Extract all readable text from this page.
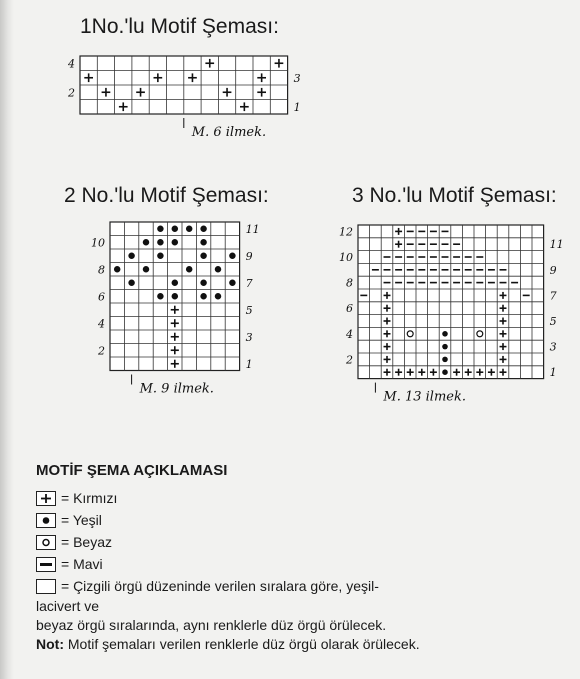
1No.'lu Motif Şeması:
2 No.'lu Motif Şeması:	3 No.'lu Motif Şeması:
4
2
3
1
M. 6 ilmek.
10
8
6
4
2
11
9
7
5
3
1
M. 9 ilmek.
12
10
8
6
4
2
11
9
7
5
3
1
M. 13 ilmek.
MOTİF ŞEMA AÇIKLAMASI
= Kırmızı
= Yeşil
= Beyaz
= Mavi
= Çizgili örgü düzeninde verilen sıralara göre, yeşil-
lacivert ve
beyaz örgü sıralarında, aynı renklerle düz örgü örülecek.
Not: Motif şemaları verilen renklerle düz örgü olarak örülecek.
